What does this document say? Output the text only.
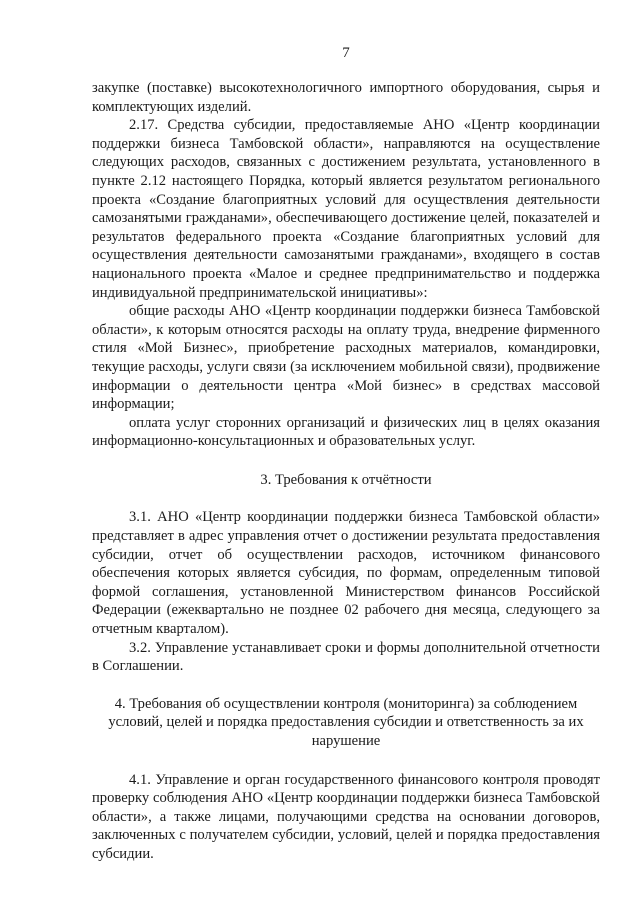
7

закупке (поставке) высокотехнологичного импортного оборудования, сырья и комплектующих изделий.

2.17. Средства субсидии, предоставляемые АНО «Центр координации поддержки бизнеса Тамбовской области», направляются на осуществление следующих расходов, связанных с достижением результата, установленного в пункте 2.12 настоящего Порядка, который является результатом регионального проекта «Создание благоприятных условий для осуществления деятельности самозанятыми гражданами», обеспечивающего достижение целей, показателей и результатов федерального проекта «Создание благоприятных условий для осуществления деятельности самозанятыми гражданами», входящего в состав национального проекта «Малое и среднее предпринимательство и поддержка индивидуальной предпринимательской инициативы»:

общие расходы АНО «Центр координации поддержки бизнеса Тамбовской области», к которым относятся расходы на оплату труда, внедрение фирменного стиля «Мой Бизнес», приобретение расходных материалов, командировки, текущие расходы, услуги связи (за исключением мобильной связи), продвижение информации о деятельности центра «Мой бизнес» в средствах массовой информации;

оплата услуг сторонних организаций и физических лиц в целях оказания информационно-консультационных и образовательных услуг.

3. Требования к отчётности

3.1. АНО «Центр координации поддержки бизнеса Тамбовской области» представляет в адрес управления отчет о достижении результата предоставления субсидии, отчет об осуществлении расходов, источником финансового обеспечения которых является субсидия, по формам, определенным типовой формой соглашения, установленной Министерством финансов Российской Федерации (ежеквартально не позднее 02 рабочего дня месяца, следующего за отчетным кварталом).

3.2. Управление устанавливает сроки и формы дополнительной отчетности в Соглашении.

4. Требования об осуществлении контроля (мониторинга) за соблюдением условий, целей и порядка предоставления субсидии и ответственность за их нарушение

4.1. Управление и орган государственного финансового контроля проводят проверку соблюдения АНО «Центр координации поддержки бизнеса Тамбовской области», а также лицами, получающими средства на основании договоров, заключенных с получателем субсидии, условий, целей и порядка предоставления субсидии.
